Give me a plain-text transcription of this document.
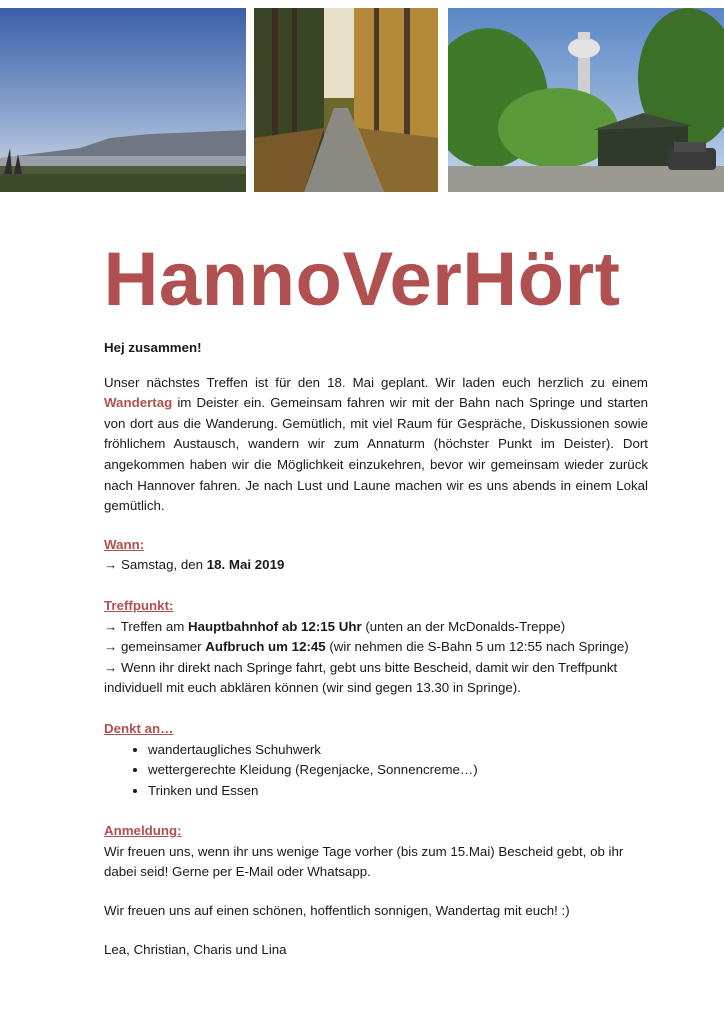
HannoVerHört

Hej zusammen!

Unser nächstes Treffen ist für den 18. Mai geplant. Wir laden euch herzlich zu einem Wandertag im Deister ein. Gemeinsam fahren wir mit der Bahn nach Springe und starten von dort aus die Wanderung. Gemütlich, mit viel Raum für Gespräche, Diskussionen sowie fröhlichem Austausch, wandern wir zum Annaturm (höchster Punkt im Deister). Dort angekommen haben wir die Möglichkeit einzukehren, bevor wir gemeinsam wieder zurück nach Hannover fahren. Je nach Lust und Laune machen wir es uns abends in einem Lokal gemütlich.

Wann:

→ Samstag, den 18. Mai 2019

Treffpunkt:

→ Treffen am Hauptbahnhof ab 12:15 Uhr (unten an der McDonalds-Treppe)

→ gemeinsamer Aufbruch um 12:45 (wir nehmen die S-Bahn 5 um 12:55 nach Springe)

→ Wenn ihr direkt nach Springe fahrt, gebt uns bitte Bescheid, damit wir den Treffpunkt individuell mit euch abklären können (wir sind gegen 13.30 in Springe).

Denkt an…

• wandertaugliches Schuhwerk
• wettergerechte Kleidung (Regenjacke, Sonnencreme…)
• Trinken und Essen

Anmeldung:

Wir freuen uns, wenn ihr uns wenige Tage vorher (bis zum 15.Mai) Bescheid gebt, ob ihr dabei seid! Gerne per E-Mail oder Whatsapp.

Wir freuen uns auf einen schönen, hoffentlich sonnigen, Wandertag mit euch! :)

Lea, Christian, Charis und Lina
